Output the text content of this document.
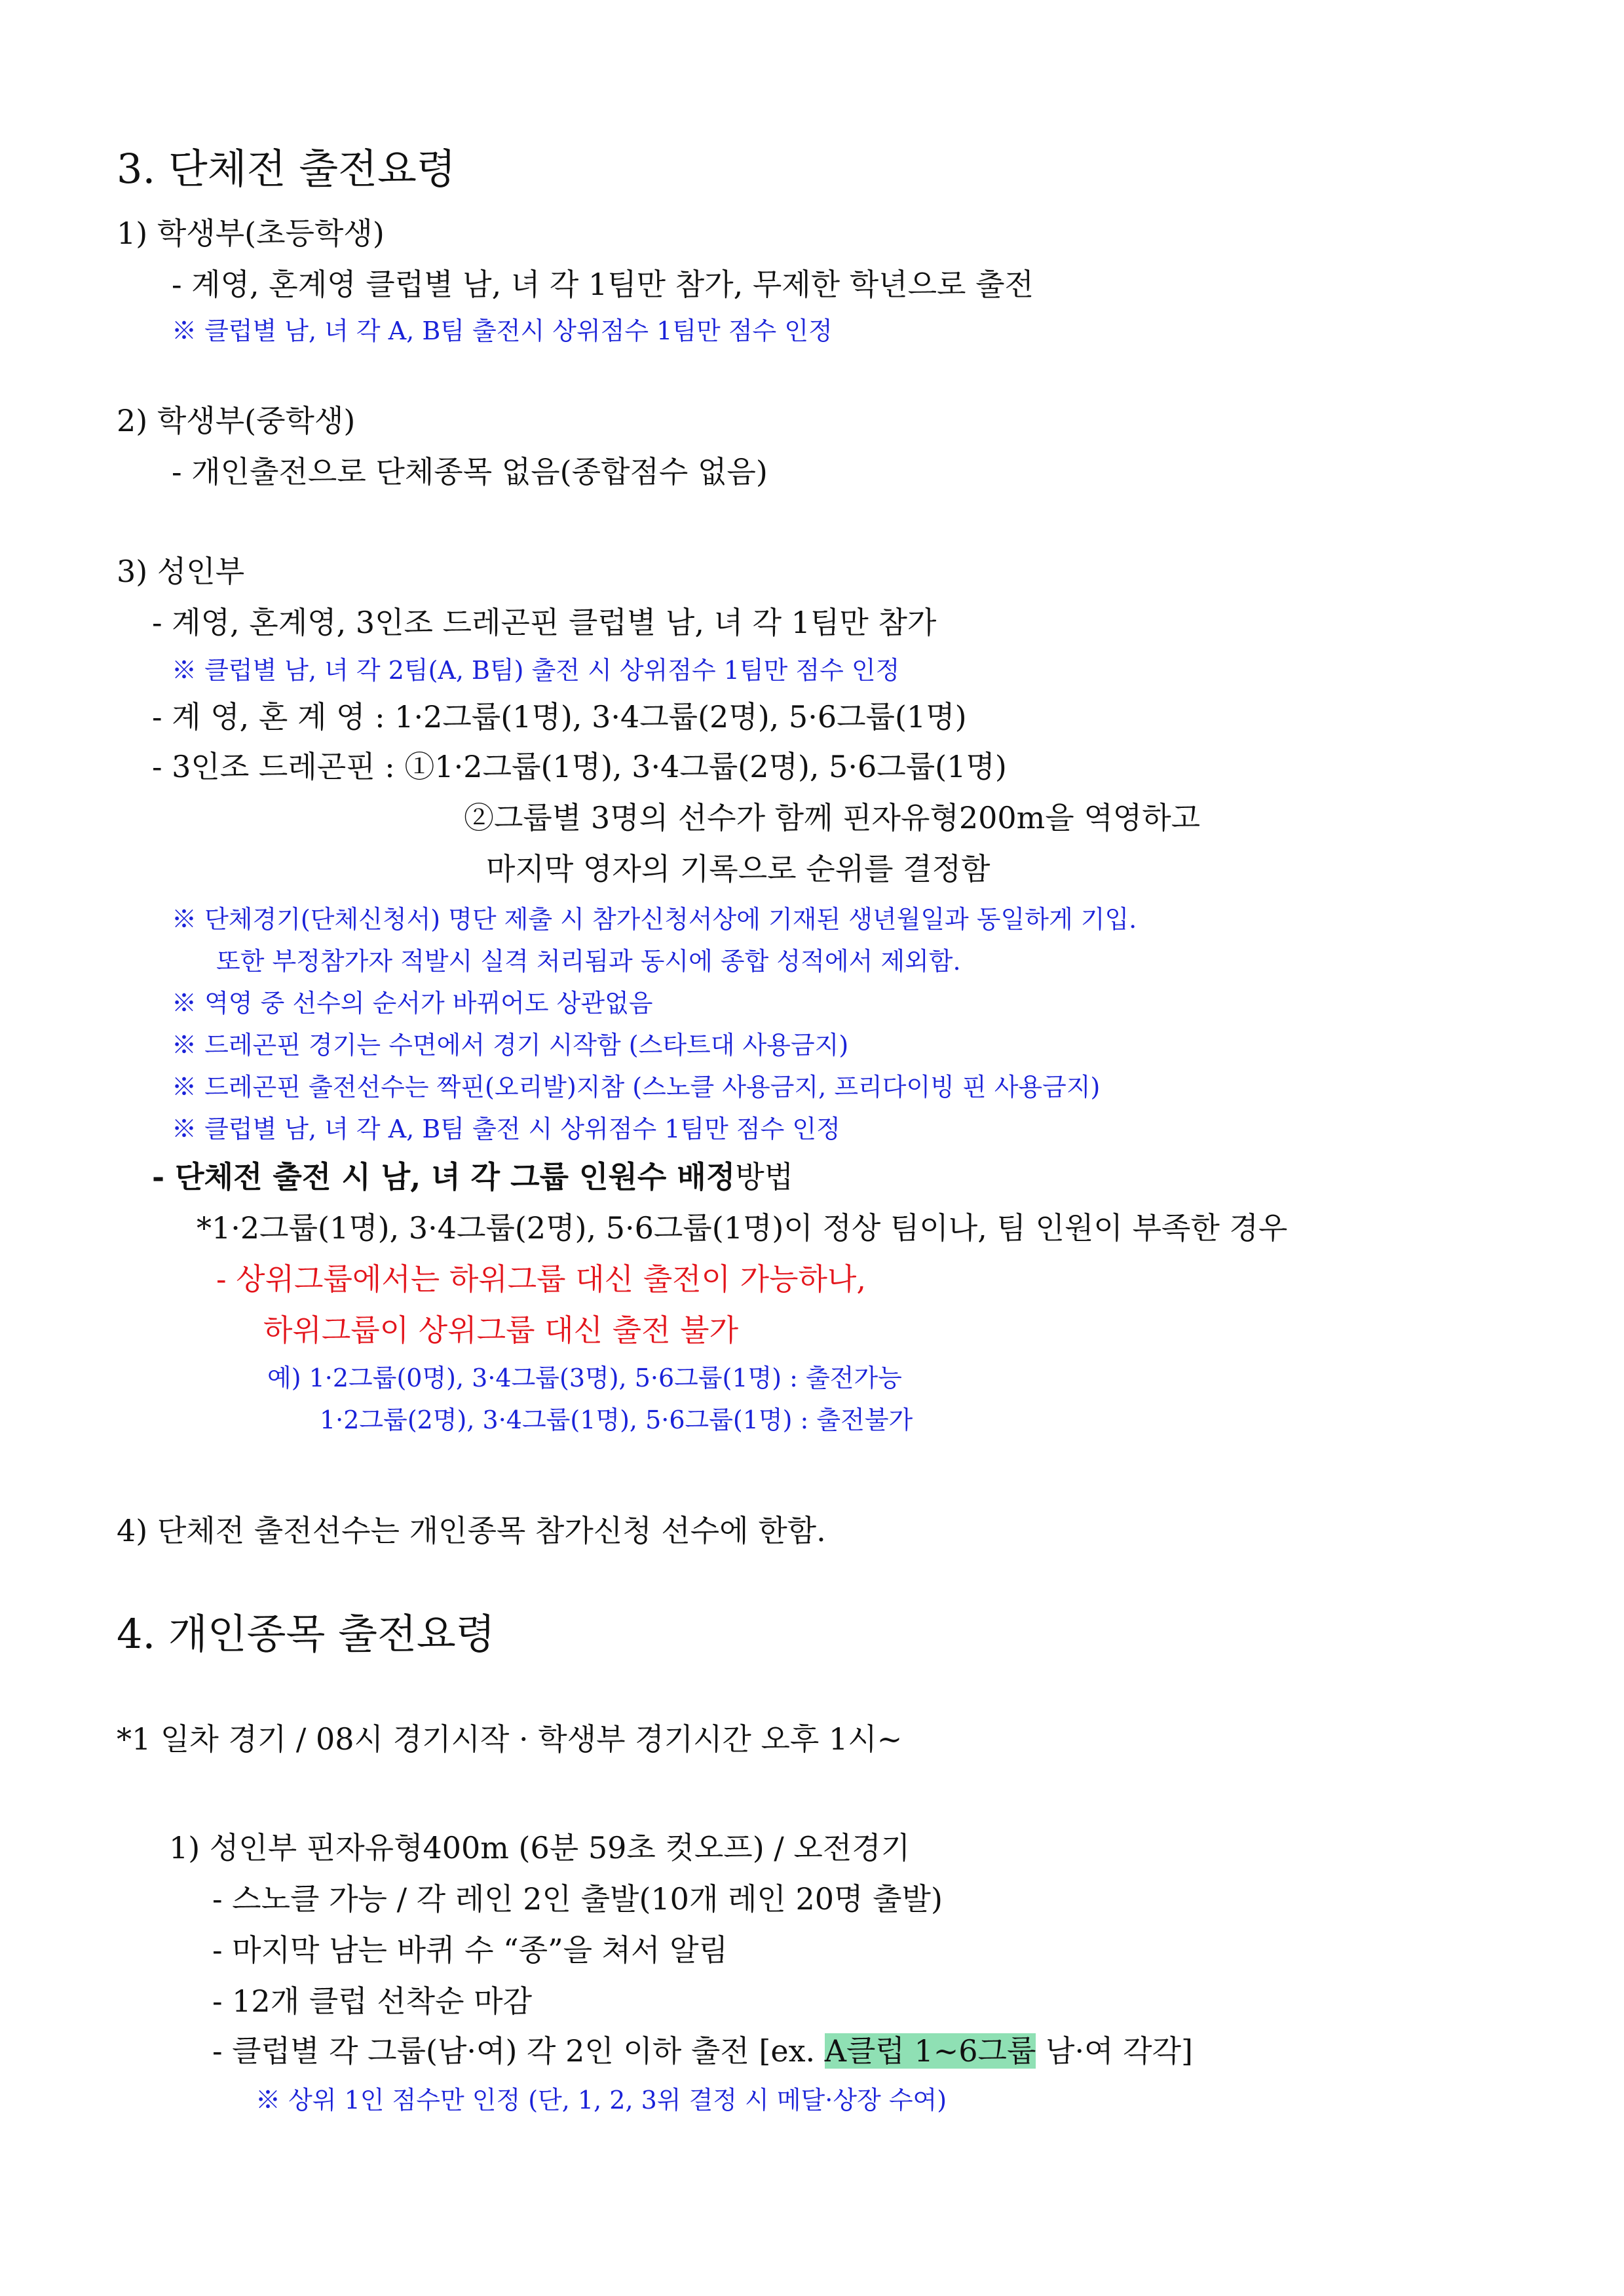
3. 단체전 출전요령
1) 학생부(초등학생)
- 계영, 혼계영 클럽별 남, 녀 각 1팀만 참가, 무제한 학년으로 출전
※ 클럽별 남, 녀 각 A, B팀 출전시 상위점수 1팀만 점수 인정
2) 학생부(중학생)
- 개인출전으로 단체종목 없음(종합점수 없음)
3) 성인부
- 계영, 혼계영, 3인조 드레곤핀 클럽별 남, 녀 각 1팀만 참가
※ 클럽별 남, 녀 각 2팀(A, B팀) 출전 시 상위점수 1팀만 점수 인정
- 계 영, 혼 계 영 : 1·2그룹(1명), 3·4그룹(2명), 5·6그룹(1명)
- 3인조 드레곤핀 : ①1·2그룹(1명), 3·4그룹(2명), 5·6그룹(1명)
②그룹별 3명의 선수가 함께 핀자유형200m을 역영하고
마지막 영자의 기록으로 순위를 결정함
※ 단체경기(단체신청서) 명단 제출 시 참가신청서상에 기재된 생년월일과 동일하게 기입.
또한 부정참가자 적발시 실격 처리됨과 동시에 종합 성적에서 제외함.
※ 역영 중 선수의 순서가 바뀌어도 상관없음
※ 드레곤핀 경기는 수면에서 경기 시작함 (스타트대 사용금지)
※ 드레곤핀 출전선수는 짝핀(오리발)지참 (스노클 사용금지, 프리다이빙 핀 사용금지)
※ 클럽별 남, 녀 각 A, B팀 출전 시 상위점수 1팀만 점수 인정
- 단체전 출전 시 남, 녀 각 그룹 인원수 배정방법
*1·2그룹(1명), 3·4그룹(2명), 5·6그룹(1명)이 정상 팀이나, 팀 인원이 부족한 경우
- 상위그룹에서는 하위그룹 대신 출전이 가능하나,
하위그룹이 상위그룹 대신 출전 불가
예) 1·2그룹(0명), 3·4그룹(3명), 5·6그룹(1명) : 출전가능
1·2그룹(2명), 3·4그룹(1명), 5·6그룹(1명) : 출전불가
4) 단체전 출전선수는 개인종목 참가신청 선수에 한함.
4. 개인종목 출전요령
*1 일차 경기 / 08시 경기시작 · 학생부 경기시간 오후 1시~
1) 성인부 핀자유형400m (6분 59초 컷오프) / 오전경기
- 스노클 가능 / 각 레인 2인 출발(10개 레인 20명 출발)
- 마지막 남는 바퀴 수 “종”을 쳐서 알림
- 12개 클럽 선착순 마감
- 클럽별 각 그룹(남·여) 각 2인 이하 출전 [ex. A클럽 1∼6그룹 남·여 각각]
※ 상위 1인 점수만 인정 (단, 1, 2, 3위 결정 시 메달·상장 수여)
